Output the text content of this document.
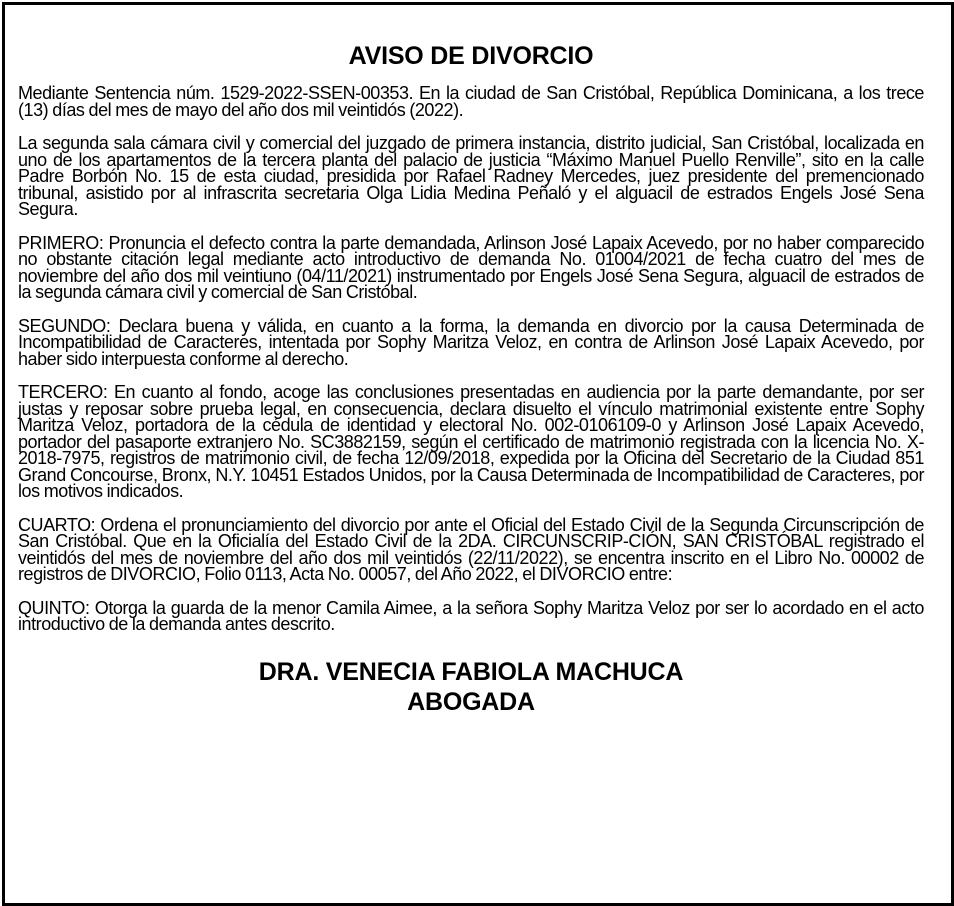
AVISO DE DIVORCIO

Mediante Sentencia núm. 1529-2022-SSEN-00353. En la ciudad de San Cristóbal, República Dominicana, a los trece (13) días del mes de mayo del año dos mil veintidós (2022).

La segunda sala cámara civil y comercial del juzgado de primera instancia, distrito judicial, San Cristóbal, localizada en uno de los apartamentos de la tercera planta del palacio de justicia “Máximo Manuel Puello Renville”, sito en la calle Padre Borbón No. 15 de esta ciudad, presidida por Rafael Radney Mercedes, juez presidente del premencionado tribunal, asistido por al infrascrita secretaria Olga Lidia Medina Peñaló y el alguacil de estrados Engels José Sena Segura.

PRIMERO: Pronuncia el defecto contra la parte demandada, Arlinson José Lapaix Acevedo, por no haber comparecido no obstante citación legal mediante acto introductivo de demanda No. 01004/2021 de fecha cuatro del mes de noviembre del año dos mil veintiuno (04/11/2021) instrumentado por Engels José Sena Segura, alguacil de estrados de la segunda cámara civil y comercial de San Cristóbal.

SEGUNDO: Declara buena y válida, en cuanto a la forma, la demanda en divorcio por la causa Determinada de Incompatibilidad de Caracteres, intentada por Sophy Maritza Veloz, en contra de Arlinson José Lapaix Acevedo, por haber sido interpuesta conforme al derecho.

TERCERO: En cuanto al fondo, acoge las conclusiones presentadas en audiencia por la parte demandante, por ser justas y reposar sobre prueba legal, en consecuencia, declara disuelto el vínculo matrimonial existente entre Sophy Maritza Veloz, portadora de la cédula de identidad y electoral No. 002-0106109-0 y Arlinson José Lapaix Acevedo, portador del pasaporte extranjero No. SC3882159, según el certificado de matrimonio registrada con la licencia No. X-2018-7975, registros de matrimonio civil, de fecha 12/09/2018, expedida por la Oficina del Secretario de la Ciudad 851 Grand Concourse, Bronx, N.Y. 10451 Estados Unidos, por la Causa Determinada de Incompatibilidad de Caracteres, por los motivos indicados.

CUARTO: Ordena el pronunciamiento del divorcio por ante el Oficial del Estado Civil de la Segunda Circunscripción de San Cristóbal. Que en la Oficialía del Estado Civil de la 2DA. CIRCUNSCRIP-CIÓN, SAN CRISTÓBAL registrado el veintidós del mes de noviembre del año dos mil veintidós (22/11/2022), se encentra inscrito en el Libro No. 00002 de registros de DIVORCIO, Folio 0113, Acta No. 00057, del Año 2022, el DIVORCIO entre:

QUINTO: Otorga la guarda de la menor Camila Aimee, a la señora Sophy Maritza Veloz por ser lo acordado en el acto introductivo de la demanda antes descrito.

DRA. VENECIA FABIOLA MACHUCA
ABOGADA
